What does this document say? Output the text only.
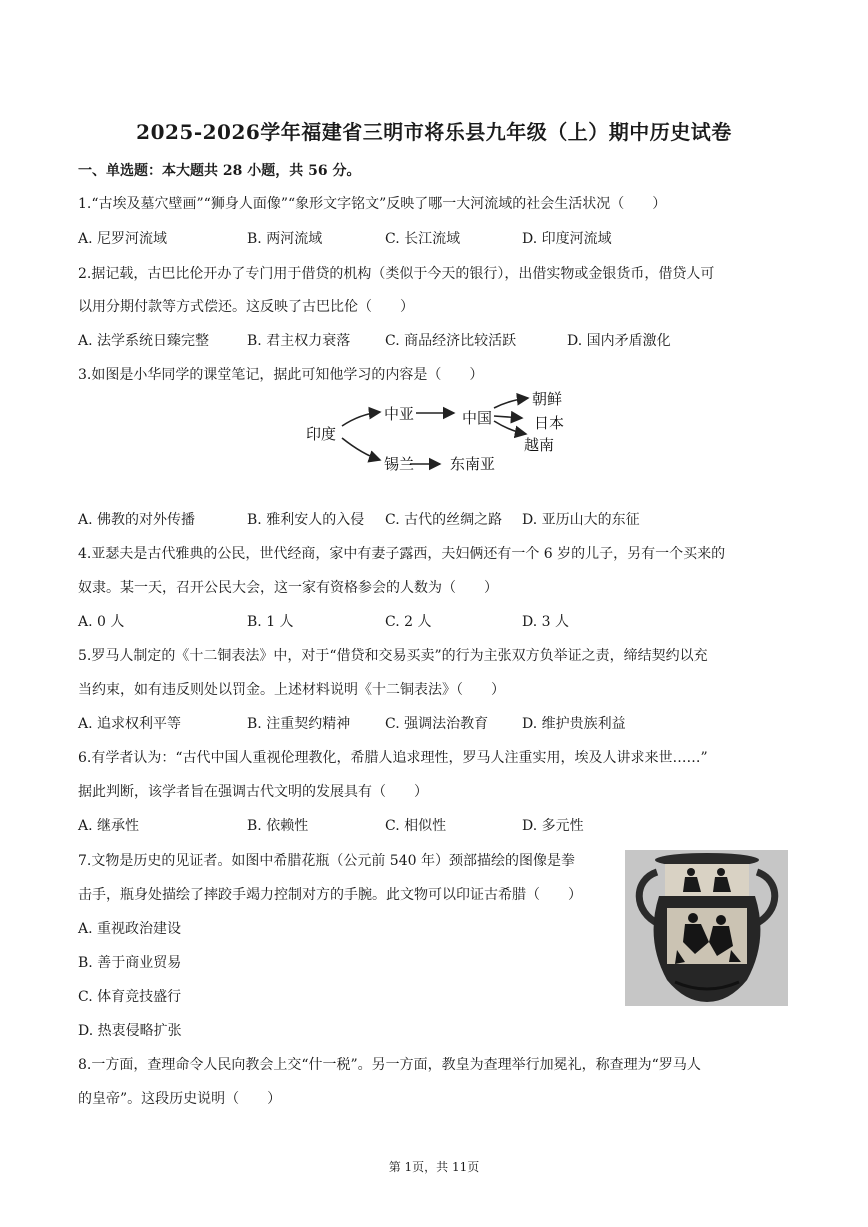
2025-2026学年福建省三明市将乐县九年级（上）期中历史试卷
一、单选题：本大题共 28 小题，共 56 分。
1.“古埃及墓穴壁画”“狮身人面像”“象形文字铭文”反映了哪一大河流域的社会生活状况（　　）
A. 尼罗河流域	B. 两河流域	C. 长江流域	D. 印度河流域
2.据记载，古巴比伦开办了专门用于借贷的机构（类似于今天的银行），出借实物或金银货币，借贷人可
以用分期付款等方式偿还。这反映了古巴比伦（　　）
A. 法学系统日臻完整	B. 君主权力衰落 C. 商品经济比较活跃	D. 国内矛盾激化
3.如图是小华同学的课堂笔记，据此可知他学习的内容是（　　）
印度
中亚	中国
朝鲜
日本
越南
锡兰 东南亚
A. 佛教的对外传播	B. 雅利安人的入侵 C. 古代的丝绸之路 D. 亚历山大的东征
4.亚瑟夫是古代雅典的公民，世代经商，家中有妻子露西，夫妇俩还有一个 6 岁的儿子，另有一个买来的
奴隶。某一天，召开公民大会，这一家有资格参会的人数为（　　）
A. 0 人	B. 1 人	C. 2 人	D. 3 人
5.罗马人制定的《十二铜表法》中，对于“借贷和交易买卖”的行为主张双方负举证之责，缔结契约以充
当约束，如有违反则处以罚金。上述材料说明《十二铜表法》（　　）
A. 追求权利平等	B. 注重契约精神 C. 强调法治教育 D. 维护贵族利益
6.有学者认为：“古代中国人重视伦理教化，希腊人追求理性，罗马人注重实用，埃及人讲求来世……”
据此判断，该学者旨在强调古代文明的发展具有（　　）
A. 继承性	B. 依赖性	C. 相似性	D. 多元性
7.文物是历史的见证者。如图中希腊花瓶（公元前 540 年）颈部描绘的图像是拳
击手，瓶身处描绘了摔跤手竭力控制对方的手腕。此文物可以印证古希腊（　　）
A. 重视政治建设
B. 善于商业贸易
C. 体育竞技盛行
D. 热衷侵略扩张
8.一方面，查理命令人民向教会上交“什一税”。另一方面，教皇为查理举行加冕礼，称查理为“罗马人
的皇帝”。这段历史说明（　　）
第 1页，共 11页
